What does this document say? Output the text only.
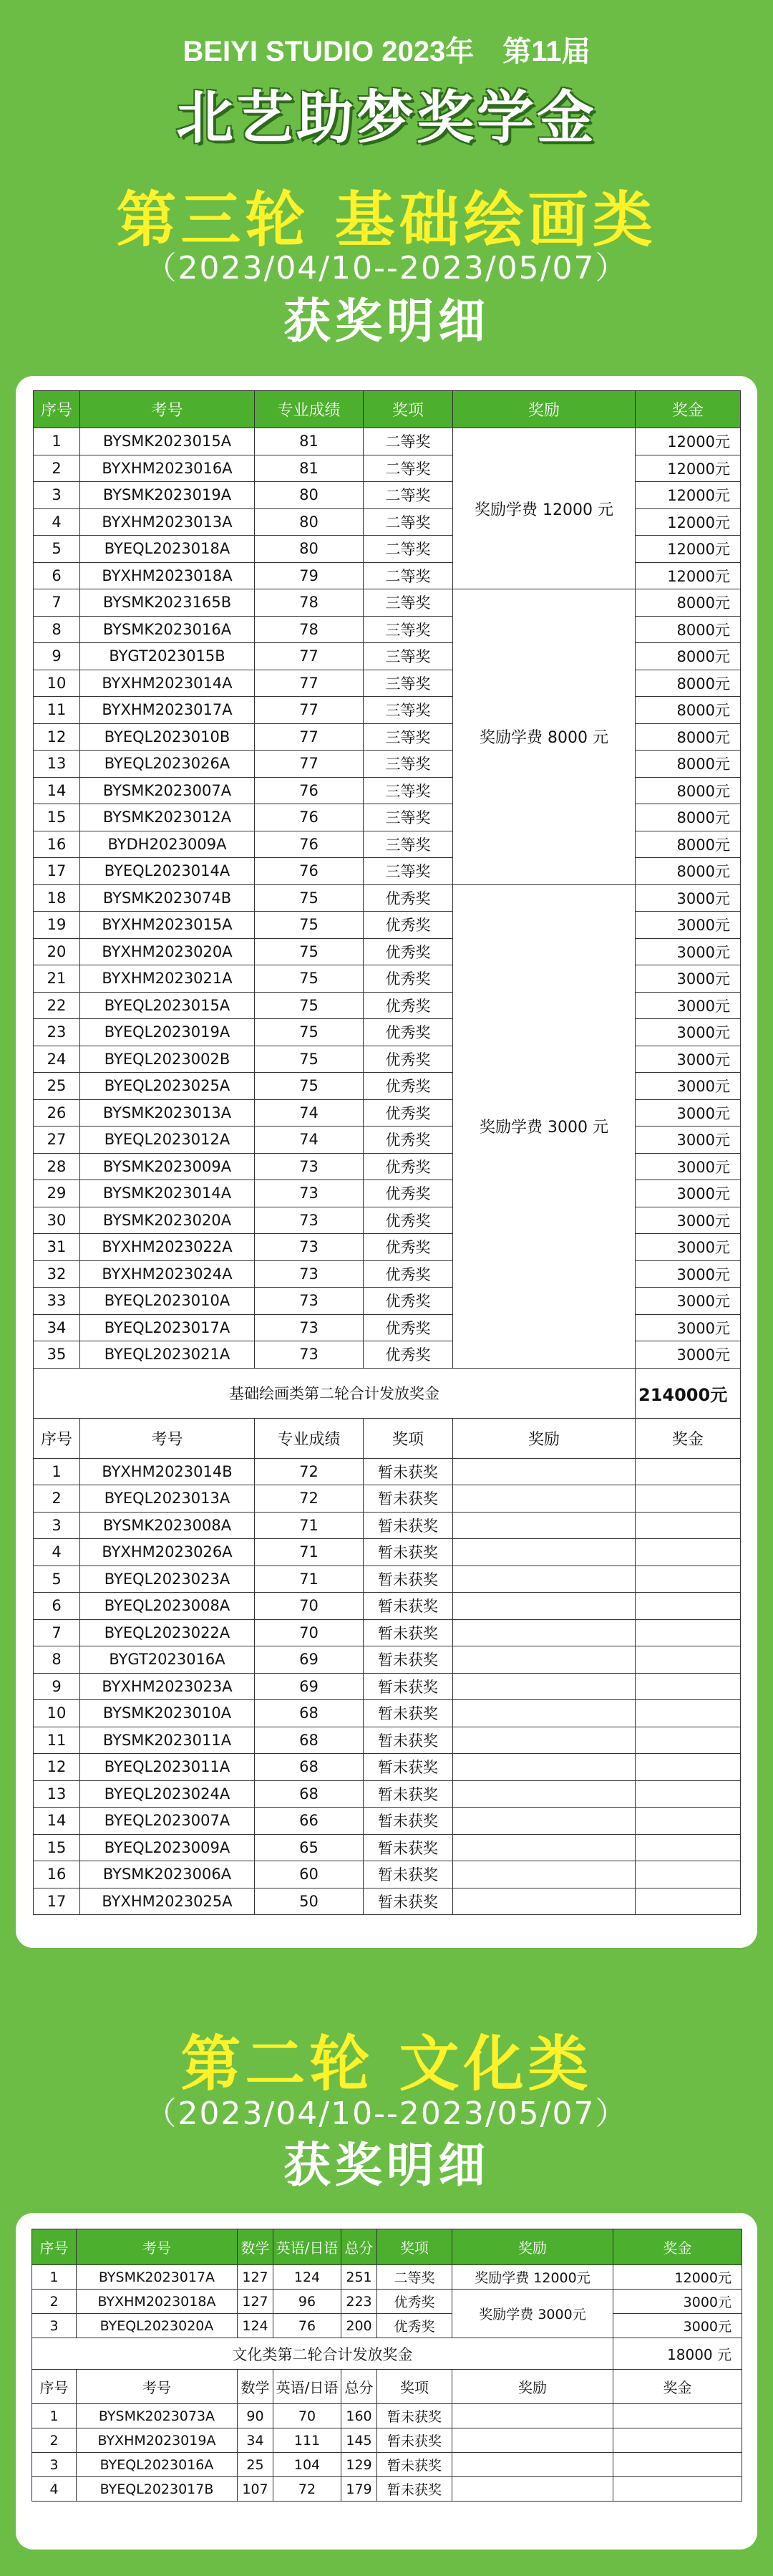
BEIYI STUDIO 2023年　第11届
北艺助梦奖学金
第三轮 基础绘画类
（2023/04/10--2023/05/07）
获奖明细
序号	考号	专业成绩	奖项	奖励	奖金
1	BYSMK2023015A	81	二等奖	奖励学费 12000 元	12000元
2	BYXHM2023016A	81	二等奖		12000元
3	BYSMK2023019A	80	二等奖		12000元
4	BYXHM2023013A	80	二等奖		12000元
5	BYEQL2023018A	80	二等奖		12000元
6	BYXHM2023018A	79	二等奖		12000元
7	BYSMK2023165B	78	三等奖	奖励学费 8000 元	8000元
8	BYSMK2023016A	78	三等奖		8000元
9	BYGT2023015B	77	三等奖		8000元
10	BYXHM2023014A	77	三等奖		8000元
11	BYXHM2023017A	77	三等奖		8000元
12	BYEQL2023010B	77	三等奖		8000元
13	BYEQL2023026A	77	三等奖		8000元
14	BYSMK2023007A	76	三等奖		8000元
15	BYSMK2023012A	76	三等奖		8000元
16	BYDH2023009A	76	三等奖		8000元
17	BYEQL2023014A	76	三等奖		8000元
18	BYSMK2023074B	75	优秀奖	奖励学费 3000 元	3000元
19	BYXHM2023015A	75	优秀奖		3000元
20	BYXHM2023020A	75	优秀奖		3000元
21	BYXHM2023021A	75	优秀奖		3000元
22	BYEQL2023015A	75	优秀奖		3000元
23	BYEQL2023019A	75	优秀奖		3000元
24	BYEQL2023002B	75	优秀奖		3000元
25	BYEQL2023025A	75	优秀奖		3000元
26	BYSMK2023013A	74	优秀奖		3000元
27	BYEQL2023012A	74	优秀奖		3000元
28	BYSMK2023009A	73	优秀奖		3000元
29	BYSMK2023014A	73	优秀奖		3000元
30	BYSMK2023020A	73	优秀奖		3000元
31	BYXHM2023022A	73	优秀奖		3000元
32	BYXHM2023024A	73	优秀奖		3000元
33	BYEQL2023010A	73	优秀奖		3000元
34	BYEQL2023017A	73	优秀奖		3000元
35	BYEQL2023021A	73	优秀奖		3000元
基础绘画类第二轮合计发放奖金					214000元
序号	考号	专业成绩	奖项	奖励	奖金
1	BYXHM2023014B	72	暂未获奖		
2	BYEQL2023013A	72	暂未获奖		
3	BYSMK2023008A	71	暂未获奖		
4	BYXHM2023026A	71	暂未获奖		
5	BYEQL2023023A	71	暂未获奖		
6	BYEQL2023008A	70	暂未获奖		
7	BYEQL2023022A	70	暂未获奖		
8	BYGT2023016A	69	暂未获奖		
9	BYXHM2023023A	69	暂未获奖		
10	BYSMK2023010A	68	暂未获奖		
11	BYSMK2023011A	68	暂未获奖		
12	BYEQL2023011A	68	暂未获奖		
13	BYEQL2023024A	68	暂未获奖		
14	BYEQL2023007A	66	暂未获奖		
15	BYEQL2023009A	65	暂未获奖		
16	BYSMK2023006A	60	暂未获奖		
17	BYXHM2023025A	50	暂未获奖		
第二轮 文化类
（2023/04/10--2023/05/07）
获奖明细
序号	考号	数学	英语/日语	总分	奖项	奖励	奖金
1	BYSMK2023017A	127	124	251	二等奖	奖励学费 12000元	12000元
2	BYXHM2023018A	127	96	223	优秀奖	奖励学费 3000元	3000元
3	BYEQL2023020A	124	76	200	优秀奖		3000元
文化类第二轮合计发放奖金							18000 元
序号	考号	数学	英语/日语	总分	奖项	奖励	奖金
1	BYSMK2023073A	90	70	160	暂未获奖		
2	BYXHM2023019A	34	111	145	暂未获奖		
3	BYEQL2023016A	25	104	129	暂未获奖		
4	BYEQL2023017B	107	72	179	暂未获奖		
